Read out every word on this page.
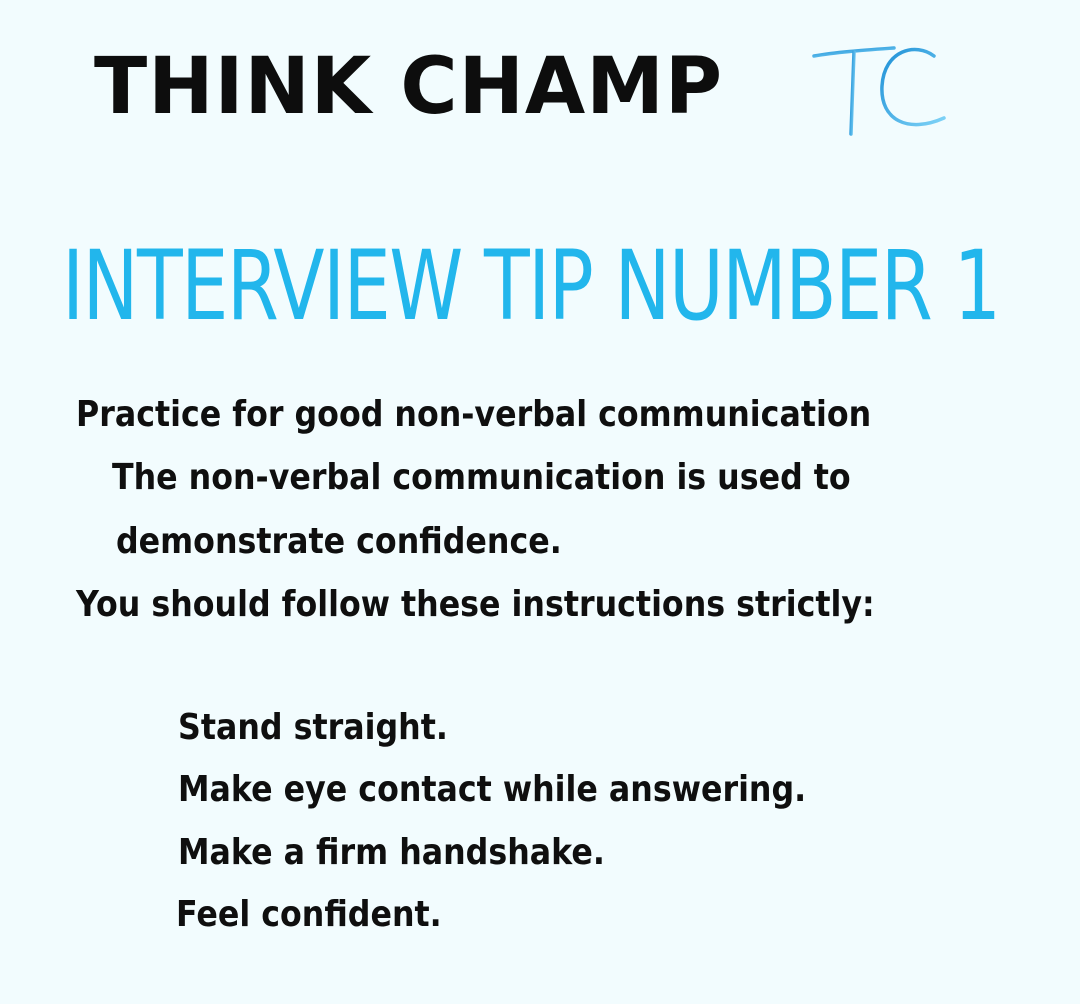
THINK CHAMP
INTERVIEW TIP NUMBER 1
Practice for good non-verbal communication
The non-verbal communication is used to
demonstrate confidence.
You should follow these instructions strictly:
Stand straight.
Make eye contact while answering.
Make a firm handshake.
Feel confident.
